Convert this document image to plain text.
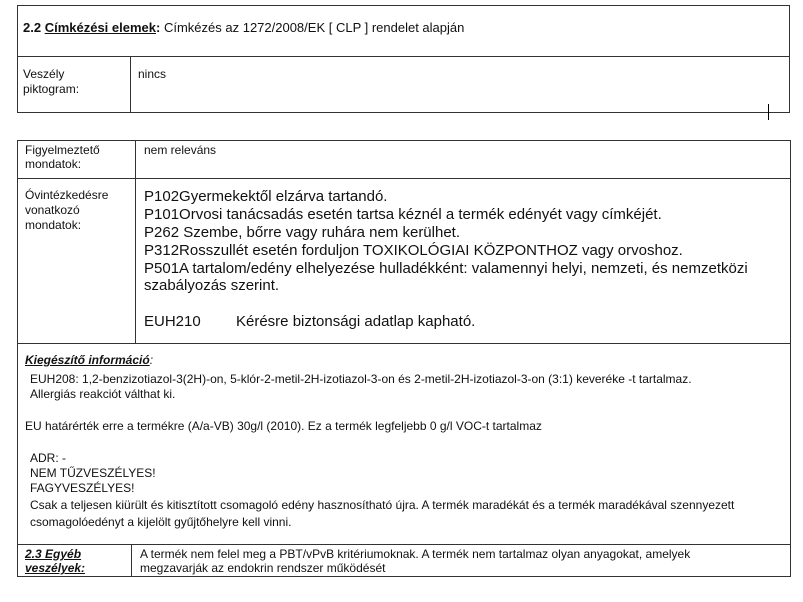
2.2 Címkézési elemek: Címkézés az 1272/2008/EK [ CLP ] rendelet alapján
Veszély
piktogram:
nincs
Figyelmeztető
mondatok:
nem releváns
Óvintézkedésre
vonatkozó
mondatok:
P102Gyermekektől elzárva tartandó.
P101Orvosi tanácsadás esetén tartsa kéznél a termék edényét vagy címkéjét.
P262 Szembe, bőrre vagy ruhára nem kerülhet.
P312Rosszullét esetén forduljon TOXIKOLÓGIAI KÖZPONTHOZ vagy orvoshoz.
P501A tartalom/edény elhelyezése hulladékként: valamennyi helyi, nemzeti, és nemzetközi
szabályozás szerint.
EUH210 Kérésre biztonsági adatlap kapható.
Kiegészítő információ:
EUH208: 1,2-benzizotiazol-3(2H)-on, 5-klór-2-metil-2H-izotiazol-3-on és 2-metil-2H-izotiazol-3-on (3:1) keveréke -t tartalmaz.
Allergiás reakciót válthat ki.
EU határérték erre a termékre (A/a-VB) 30g/l (2010). Ez a termék legfeljebb 0 g/l VOC-t tartalmaz
ADR: -
NEM TŰZVESZÉLYES!
FAGYVESZÉLYES!
Csak a teljesen kiürült és kitisztított csomagoló edény hasznosítható újra. A termék maradékát és a termék maradékával szennyezett
csomagolóedényt a kijelölt gyűjtőhelyre kell vinni.
2.3 Egyéb
veszélyek:
A termék nem felel meg a PBT/vPvB kritériumoknak. A termék nem tartalmaz olyan anyagokat, amelyek
megzavarják az endokrin rendszer működését
